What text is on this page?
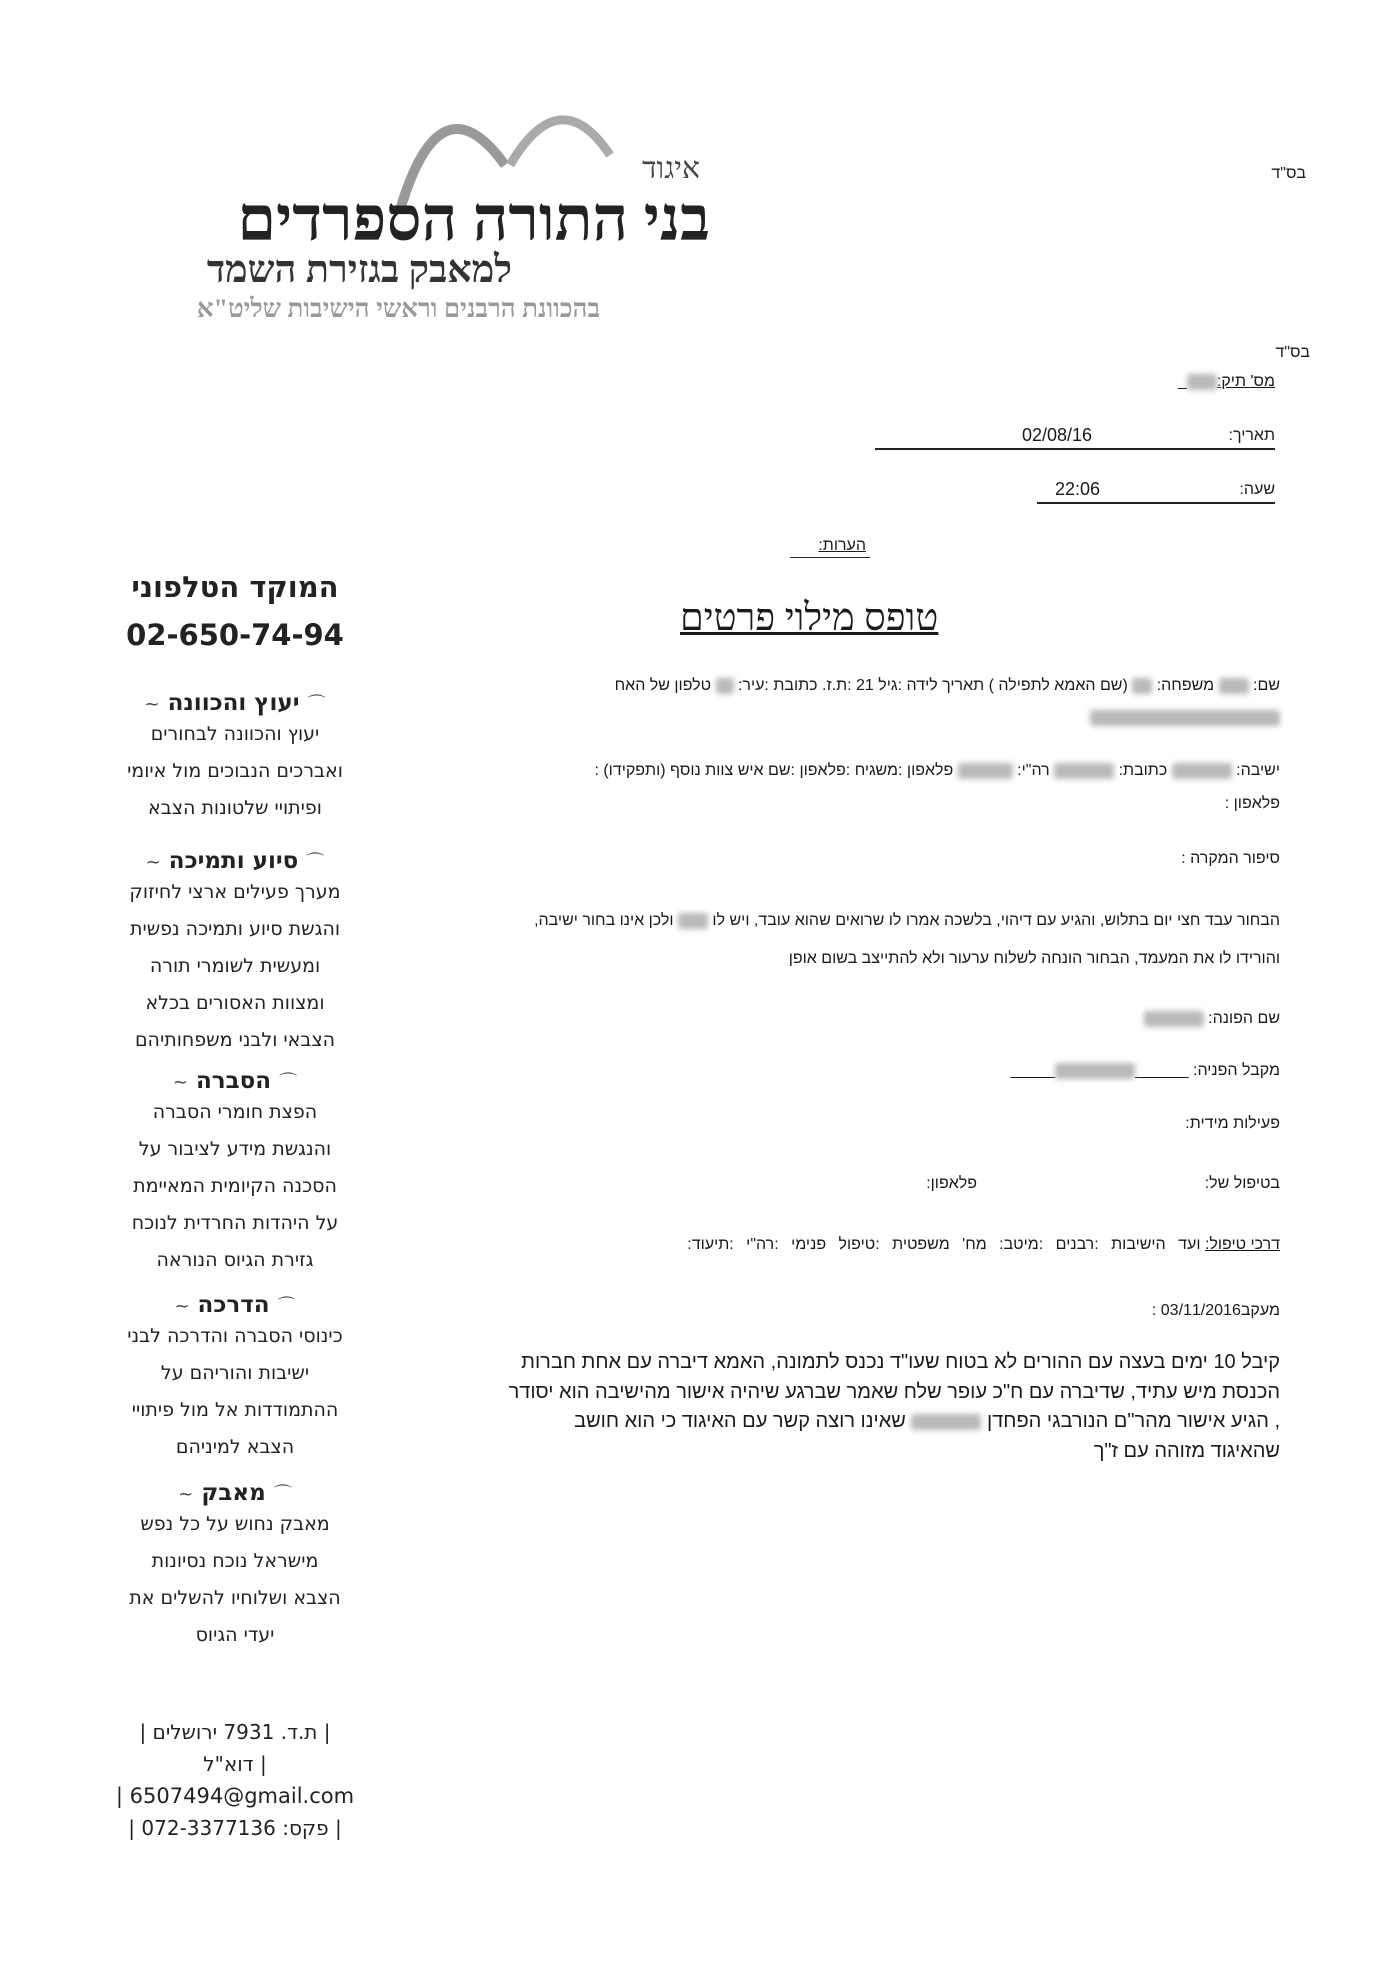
בס"ד
איגוד
בני התורה הספרדים
למאבק בגזירת השמד
בהכוונת הרבנים וראשי הישיבות שליט"א
המוקד הטלפוני
02-650-74-94
⌒ יעוץ והכוונה ~

יעוץ והכוונה לבחורים

ואברכים הנבוכים מול איומי

ופיתויי שלטונות הצבא

⌒ סיוע ותמיכה ~

מערך פעילים ארצי לחיזוק

והגשת סיוע ותמיכה נפשית

ומעשית לשומרי תורה

ומצוות האסורים בכלא

הצבאי ולבני משפחותיהם

⌒ הסברה ~

הפצת חומרי הסברה

והנגשת מידע לציבור על

הסכנה הקיומית המאיימת

על היהדות החרדית לנוכח

גזירת הגיוס הנוראה

⌒ הדרכה ~

כינוסי הסברה והדרכה לבני

ישיבות והוריהם על

ההתמודדות אל מול פיתויי

הצבא למיניהם

⌒ מאבק ~

מאבק נחוש על כל נפש

מישראל נוכח נסיונות

הצבא ושלוחיו להשלים את

יעדי הגיוס

| ת.ד. 7931 ירושלים |

| דוא"ל

| 6507494@gmail.com

| פקס: 072-3377136 |

בס"ד
מס' תיק:_
תאריך:
02/08/16
שעה:
22:06
הערות:
טופס מילוי פרטים
שם:  משפחה:  (שם האמא לתפילה ) תאריך לידה :גיל 21 :ת.ז. כתובת :עיר:  טלפון של האח
ישיבה:  כתובת:  רה"י:  פלאפון :משגיח :פלאפון :שם איש צוות נוסף (ותפקידו) :
פלאפון :
סיפור המקרה :
הבחור עבד חצי יום בתלוש, והגיע עם דיהוי, בלשכה אמרו לו שרואים שהוא עובד, ויש לו  ולכן אינו בחור ישיבה,
והורידו לו את המעמד, הבחור הונחה לשלוח ערעור ולא להתייצב בשום אופן
שם הפונה:
מקבל הפניה: ___________
פעילות מידית:
בטיפול של:
פלאפון:
דרכי טיפול: ועד הישיבות :רבנים :מיטב: מח' משפטית :טיפול פנימי :רה"י :תיעוד:
מעקב03/11/2016 :
קיבל 10 ימים בעצה עם ההורים לא בטוח שעו"ד נכנס לתמונה, האמא דיברה עם אחת חברות
הכנסת מיש עתיד, שדיברה עם ח"כ עופר שלח שאמר שברגע שיהיה אישור מהישיבה הוא יסודר
, הגיע אישור מהר"ם הנורבגי הפחדן  שאינו רוצה קשר עם האיגוד כי הוא חושב
שהאיגוד מזוהה עם ז"ך
